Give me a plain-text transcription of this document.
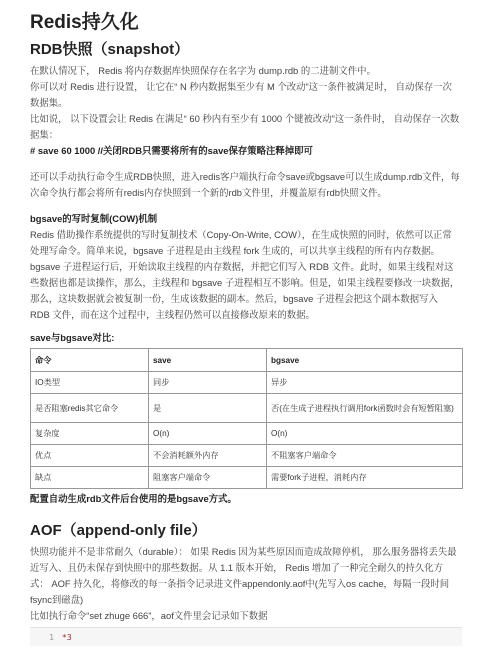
Redis持久化
RDB快照（snapshot）

在默认情况下， Redis 将内存数据库快照保存在名字为 dump.rdb 的二进制文件中。

你可以对 Redis 进行设置， 让它在“ N 秒内数据集至少有 M 个改动”这一条件被满足时， 自动保存一次数据集。

比如说， 以下设置会让 Redis 在满足“ 60 秒内有至少有 1000 个键被改动”这一条件时， 自动保存一次数据集：

# save 60 1000 //关闭RDB只需要将所有的save保存策略注释掉即可

还可以手动执行命令生成RDB快照，进入redis客户端执行命令save或bgsave可以生成dump.rdb文件，每次命令执行都会将所有redis内存快照到一个新的rdb文件里，并覆盖原有rdb快照文件。

bgsave的写时复制(COW)机制

Redis 借助操作系统提供的写时复制技术（Copy-On-Write, COW），在生成快照的同时，依然可以正常处理写命令。简单来说，bgsave 子进程是由主线程 fork 生成的，可以共享主线程的所有内存数据。bgsave 子进程运行后，开始读取主线程的内存数据，并把它们写入 RDB 文件。此时，如果主线程对这些数据也都是读操作，那么，主线程和 bgsave 子进程相互不影响。但是，如果主线程要修改一块数据，那么，这块数据就会被复制一份，生成该数据的副本。然后，bgsave 子进程会把这个副本数据写入 RDB 文件，而在这个过程中，主线程仍然可以直接修改原来的数据。

save与bgsave对比:

命令	save	bgsave
IO类型	同步	异步
是否阻塞redis其它命令	是	否(在生成子进程执行调用fork函数时会有短暂阻塞)
复杂度	O(n)	O(n)
优点	不会消耗额外内存	不阻塞客户端命令
缺点	阻塞客户端命令	需要fork子进程，消耗内存

配置自动生成rdb文件后台使用的是bgsave方式。

AOF（append-only file）

快照功能并不是非常耐久（durable）： 如果 Redis 因为某些原因而造成故障停机， 那么服务器将丢失最近写入、且仍未保存到快照中的那些数据。从 1.1 版本开始， Redis 增加了一种完全耐久的持久化方式： AOF 持久化，将修改的每一条指令记录进文件appendonly.aof中(先写入os cache，每隔一段时间fsync到磁盘)

比如执行命令“set zhuge 666”，aof文件里会记录如下数据

1	*3
